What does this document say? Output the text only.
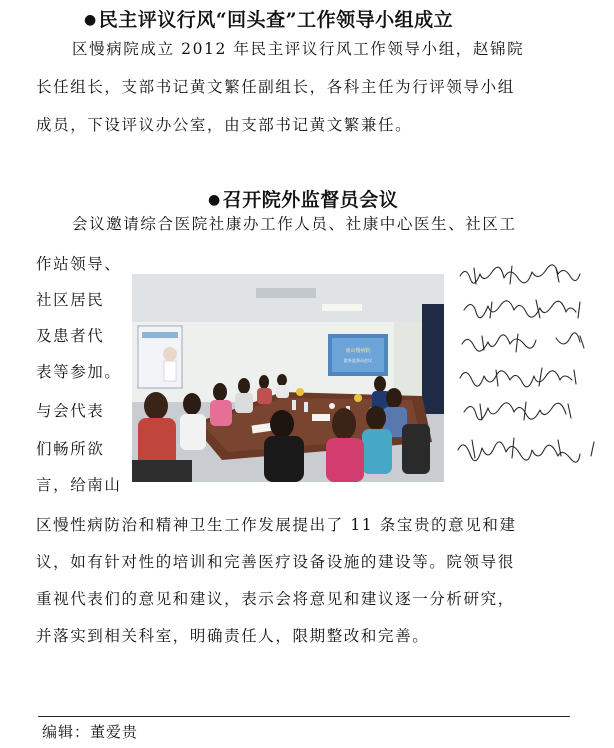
● 民主评议行风“回头查”工作领导小组成立
区慢病院成立 2012 年民主评议行风工作领导小组，赵锦院
长任组长，支部书记黄文繁任副组长，各科主任为行评领导小组
成员，下设评议办公室，由支部书记黄文繁兼任。
● 召开院外监督员会议
会议邀请综合医院社康办工作人员、社康中心医生、社区工
作站领导、
社区居民
及患者代
表等参加。
与会代表
们畅所欲
言，给南山
南山慢病院
院外监督员会议
区慢性病防治和精神卫生工作发展提出了 11 条宝贵的意见和建
议，如有针对性的培训和完善医疗设备设施的建设等。院领导很
重视代表们的意见和建议，表示会将意见和建议逐一分析研究，
并落实到相关科室，明确责任人，限期整改和完善。
编辑：董爱贵
